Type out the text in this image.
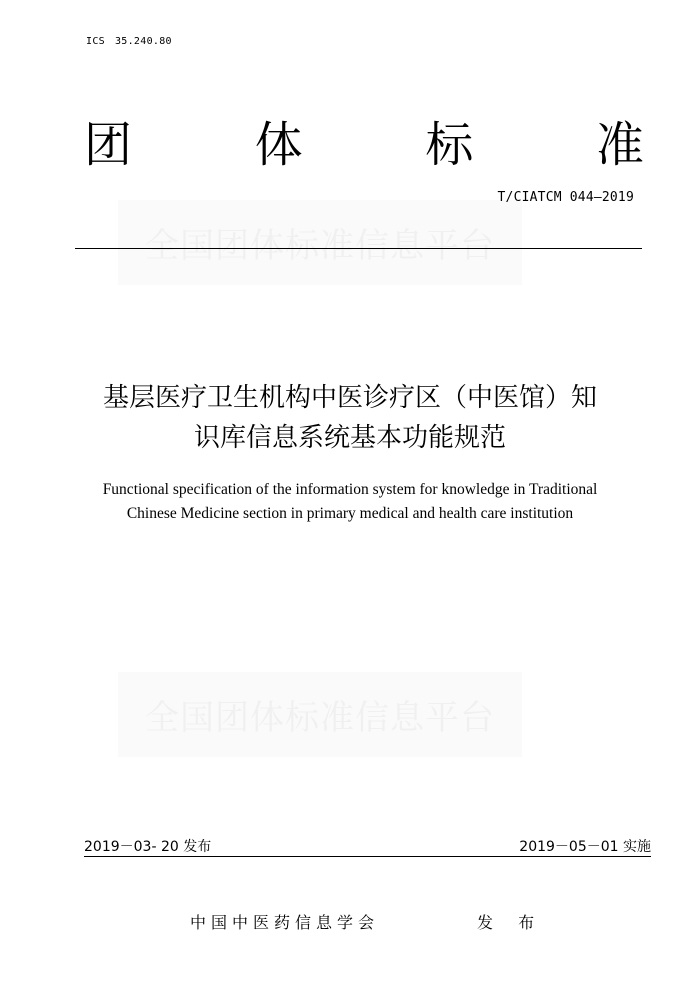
ICS 35.240.80
团	体	标	准
全国团体标准信息平台
T/CIATCM 044—2019
基层医疗卫生机构中医诊疗区（中医馆）知
识库信息系统基本功能规范
Functional specification of the information system for knowledge in Traditional
Chinese Medicine section in primary medical and health care institution
全国团体标准信息平台
2019－03- 20 发布	2019－05－01 实施
中国中医药信息学会	发 布
